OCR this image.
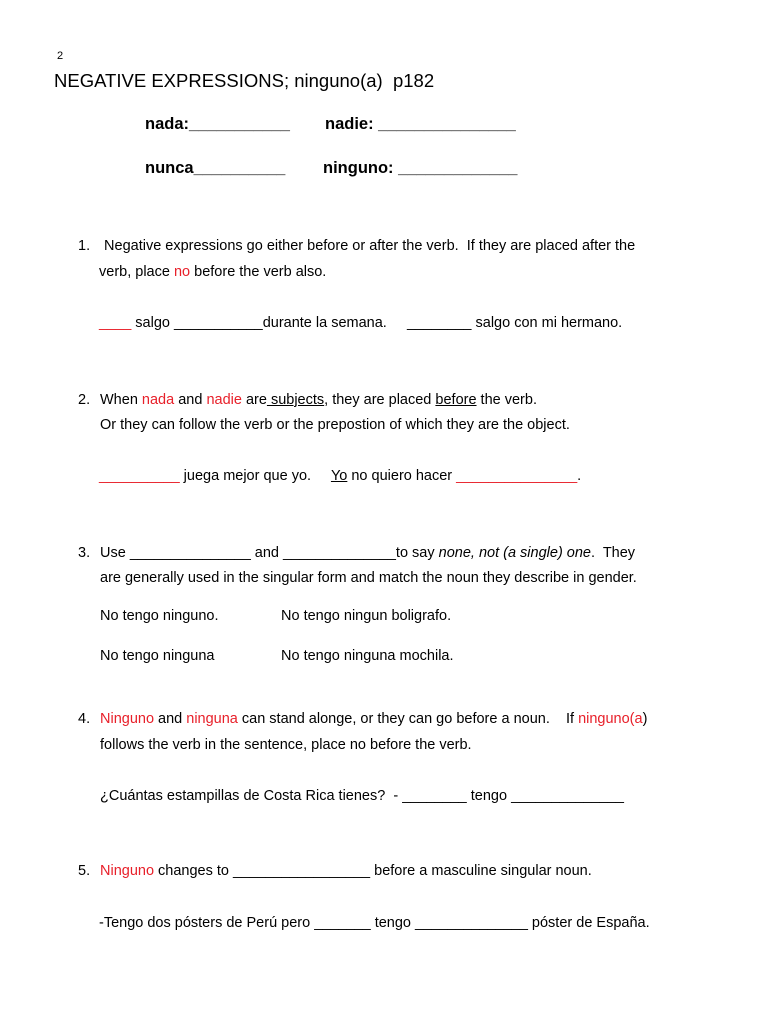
2
NEGATIVE EXPRESSIONS; ninguno(a)  p182
nada:___________ nadie: _______________
nunca__________ ninguno: _____________
1. Negative expressions go either before or after the verb.  If they are placed after the
verb, place no before the verb also.
____ salgo ___________durante la semana.     ________ salgo con mi hermano.
2. When nada and nadie are subjects, they are placed before the verb.
Or they can follow the verb or the prepostion of which they are the object.
__________ juega mejor que yo.     Yo no quiero hacer _______________.
3. Use _______________ and ______________to say none, not (a single) one.  They
are generally used in the singular form and match the noun they describe in gender.
No tengo ninguno.	No tengo ningun boligrafo.
No tengo ninguna	No tengo ninguna mochila.
4. Ninguno and ninguna can stand alonge, or they can go before a noun.    If ninguno(a)
follows the verb in the sentence, place no before the verb.
¿Cuántas estampillas de Costa Rica tienes?  - ________ tengo ______________
5. Ninguno changes to _________________ before a masculine singular noun.
-Tengo dos pósters de Perú pero _______ tengo ______________ póster de España.
